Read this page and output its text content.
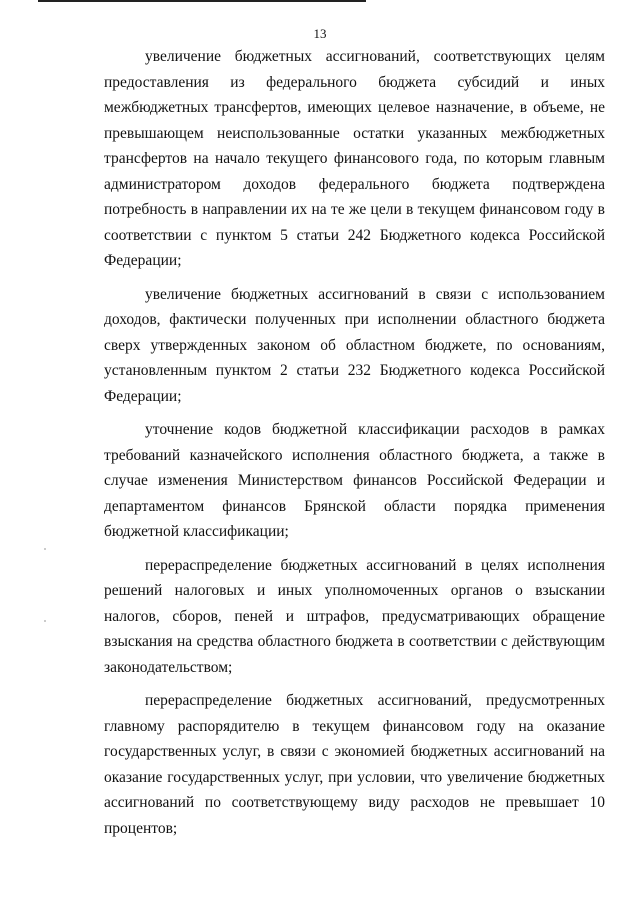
13

увеличение бюджетных ассигнований, соответствующих целям предоставления из федерального бюджета субсидий и иных межбюджетных трансфертов, имеющих целевое назначение, в объеме, не превышающем неиспользованные остатки указанных межбюджетных трансфертов на начало текущего финансового года, по которым главным администратором доходов федерального бюджета подтверждена потребность в направлении их на те же цели в текущем финансовом году в соответствии с пунктом 5 статьи 242 Бюджетного кодекса Российской Федерации;

увеличение бюджетных ассигнований в связи с использованием доходов, фактически полученных при исполнении областного бюджета сверх утвержденных законом об областном бюджете, по основаниям, установленным пунктом 2 статьи 232 Бюджетного кодекса Российской Федерации;

уточнение кодов бюджетной классификации расходов в рамках требований казначейского исполнения областного бюджета, а также в случае изменения Министерством финансов Российской Федерации и департаментом финансов Брянской области порядка применения бюджетной классификации;

перераспределение бюджетных ассигнований в целях исполнения решений налоговых и иных уполномоченных органов о взыскании налогов, сборов, пеней и штрафов, предусматривающих обращение взыскания на средства областного бюджета в соответствии с действующим законодательством;

перераспределение бюджетных ассигнований, предусмотренных главному распорядителю в текущем финансовом году на оказание государственных услуг, в связи с экономией бюджетных ассигнований на оказание государственных услуг, при условии, что увеличение бюджетных ассигнований по соответствующему виду расходов не превышает 10 процентов;
